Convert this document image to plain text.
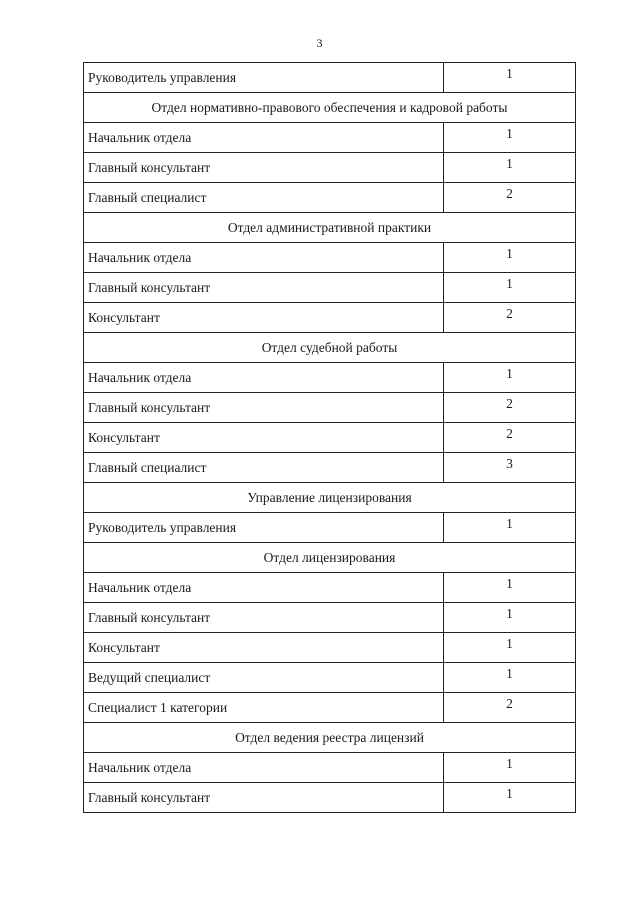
3
Руководитель управления	1
Отдел нормативно-правового обеспечения и кадровой работы	
Начальник отдела	1
Главный консультант	1
Главный специалист	2
Отдел административной практики	
Начальник отдела	1
Главный консультант	1
Консультант	2
Отдел судебной работы	
Начальник отдела	1
Главный консультант	2
Консультант	2
Главный специалист	3
Управление лицензирования	
Руководитель управления	1
Отдел лицензирования	
Начальник отдела	1
Главный консультант	1
Консультант	1
Ведущий специалист	1
Специалист 1 категории	2
Отдел ведения реестра лицензий	
Начальник отдела	1
Главный консультант	1
